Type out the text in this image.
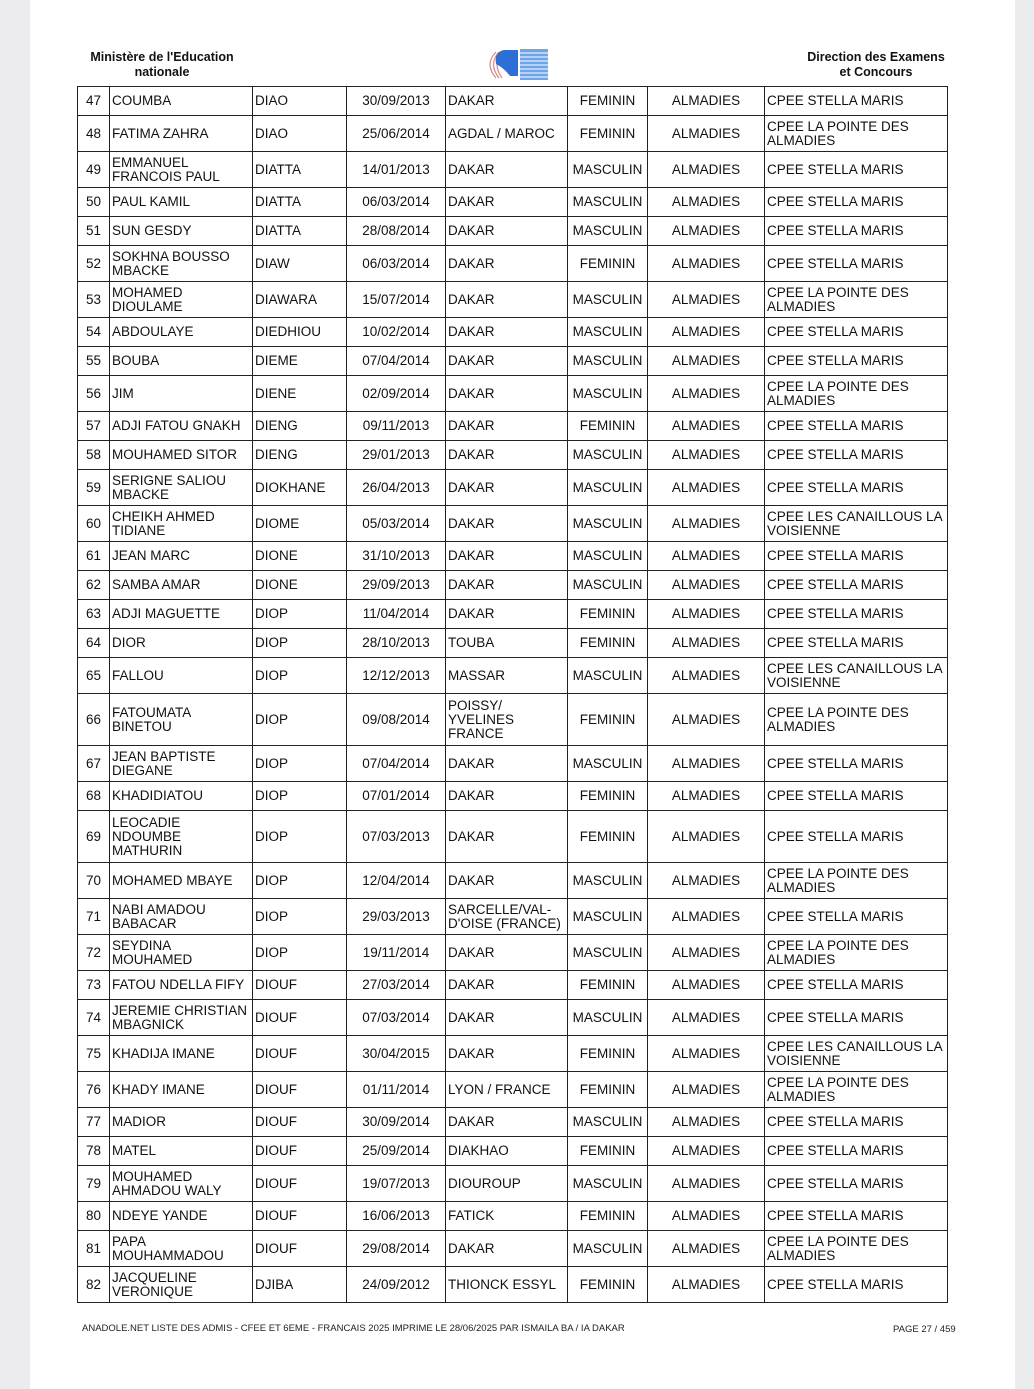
Ministère de l'Education
nationale
Direction des Examens
et Concours
47	COUMBA	DIAO	30/09/2013	DAKAR	FEMININ	ALMADIES	CPEE STELLA MARIS
48	FATIMA ZAHRA	DIAO	25/06/2014	AGDAL / MAROC	FEMININ	ALMADIES	CPEE LA POINTE DES ALMADIES
49	EMMANUEL FRANCOIS PAUL	DIATTA	14/01/2013	DAKAR	MASCULIN	ALMADIES	CPEE STELLA MARIS
50	PAUL KAMIL	DIATTA	06/03/2014	DAKAR	MASCULIN	ALMADIES	CPEE STELLA MARIS
51	SUN GESDY	DIATTA	28/08/2014	DAKAR	MASCULIN	ALMADIES	CPEE STELLA MARIS
52	SOKHNA BOUSSO MBACKE	DIAW	06/03/2014	DAKAR	FEMININ	ALMADIES	CPEE STELLA MARIS
53	MOHAMED DIOULAME	DIAWARA	15/07/2014	DAKAR	MASCULIN	ALMADIES	CPEE LA POINTE DES ALMADIES
54	ABDOULAYE	DIEDHIOU	10/02/2014	DAKAR	MASCULIN	ALMADIES	CPEE STELLA MARIS
55	BOUBA	DIEME	07/04/2014	DAKAR	MASCULIN	ALMADIES	CPEE STELLA MARIS
56	JIM	DIENE	02/09/2014	DAKAR	MASCULIN	ALMADIES	CPEE LA POINTE DES ALMADIES
57	ADJI FATOU GNAKH	DIENG	09/11/2013	DAKAR	FEMININ	ALMADIES	CPEE STELLA MARIS
58	MOUHAMED SITOR	DIENG	29/01/2013	DAKAR	MASCULIN	ALMADIES	CPEE STELLA MARIS
59	SERIGNE SALIOU MBACKE	DIOKHANE	26/04/2013	DAKAR	MASCULIN	ALMADIES	CPEE STELLA MARIS
60	CHEIKH AHMED TIDIANE	DIOME	05/03/2014	DAKAR	MASCULIN	ALMADIES	CPEE LES CANAILLOUS LA VOISIENNE
61	JEAN MARC	DIONE	31/10/2013	DAKAR	MASCULIN	ALMADIES	CPEE STELLA MARIS
62	SAMBA AMAR	DIONE	29/09/2013	DAKAR	MASCULIN	ALMADIES	CPEE STELLA MARIS
63	ADJI MAGUETTE	DIOP	11/04/2014	DAKAR	FEMININ	ALMADIES	CPEE STELLA MARIS
64	DIOR	DIOP	28/10/2013	TOUBA	FEMININ	ALMADIES	CPEE STELLA MARIS
65	FALLOU	DIOP	12/12/2013	MASSAR	MASCULIN	ALMADIES	CPEE LES CANAILLOUS LA VOISIENNE
66	FATOUMATA BINETOU	DIOP	09/08/2014	POISSY/ YVELINES FRANCE	FEMININ	ALMADIES	CPEE LA POINTE DES ALMADIES
67	JEAN BAPTISTE DIEGANE	DIOP	07/04/2014	DAKAR	MASCULIN	ALMADIES	CPEE STELLA MARIS
68	KHADIDIATOU	DIOP	07/01/2014	DAKAR	FEMININ	ALMADIES	CPEE STELLA MARIS
69	LEOCADIE NDOUMBE MATHURIN	DIOP	07/03/2013	DAKAR	FEMININ	ALMADIES	CPEE STELLA MARIS
70	MOHAMED MBAYE	DIOP	12/04/2014	DAKAR	MASCULIN	ALMADIES	CPEE LA POINTE DES ALMADIES
71	NABI AMADOU BABACAR	DIOP	29/03/2013	SARCELLE/VAL-D'OISE (FRANCE)	MASCULIN	ALMADIES	CPEE STELLA MARIS
72	SEYDINA MOUHAMED	DIOP	19/11/2014	DAKAR	MASCULIN	ALMADIES	CPEE LA POINTE DES ALMADIES
73	FATOU NDELLA FIFY	DIOUF	27/03/2014	DAKAR	FEMININ	ALMADIES	CPEE STELLA MARIS
74	JEREMIE CHRISTIAN MBAGNICK	DIOUF	07/03/2014	DAKAR	MASCULIN	ALMADIES	CPEE STELLA MARIS
75	KHADIJA IMANE	DIOUF	30/04/2015	DAKAR	FEMININ	ALMADIES	CPEE LES CANAILLOUS LA VOISIENNE
76	KHADY IMANE	DIOUF	01/11/2014	LYON / FRANCE	FEMININ	ALMADIES	CPEE LA POINTE DES ALMADIES
77	MADIOR	DIOUF	30/09/2014	DAKAR	MASCULIN	ALMADIES	CPEE STELLA MARIS
78	MATEL	DIOUF	25/09/2014	DIAKHAO	FEMININ	ALMADIES	CPEE STELLA MARIS
79	MOUHAMED AHMADOU WALY	DIOUF	19/07/2013	DIOUROUP	MASCULIN	ALMADIES	CPEE STELLA MARIS
80	NDEYE YANDE	DIOUF	16/06/2013	FATICK	FEMININ	ALMADIES	CPEE STELLA MARIS
81	PAPA MOUHAMMADOU	DIOUF	29/08/2014	DAKAR	MASCULIN	ALMADIES	CPEE LA POINTE DES ALMADIES
82	JACQUELINE VERONIQUE	DJIBA	24/09/2012	THIONCK ESSYL	FEMININ	ALMADIES	CPEE STELLA MARIS
ANADOLE.NET LISTE DES ADMIS - CFEE ET 6EME - FRANCAIS 2025 IMPRIME LE 28/06/2025 PAR ISMAILA BA / IA DAKAR	PAGE 27 / 459
